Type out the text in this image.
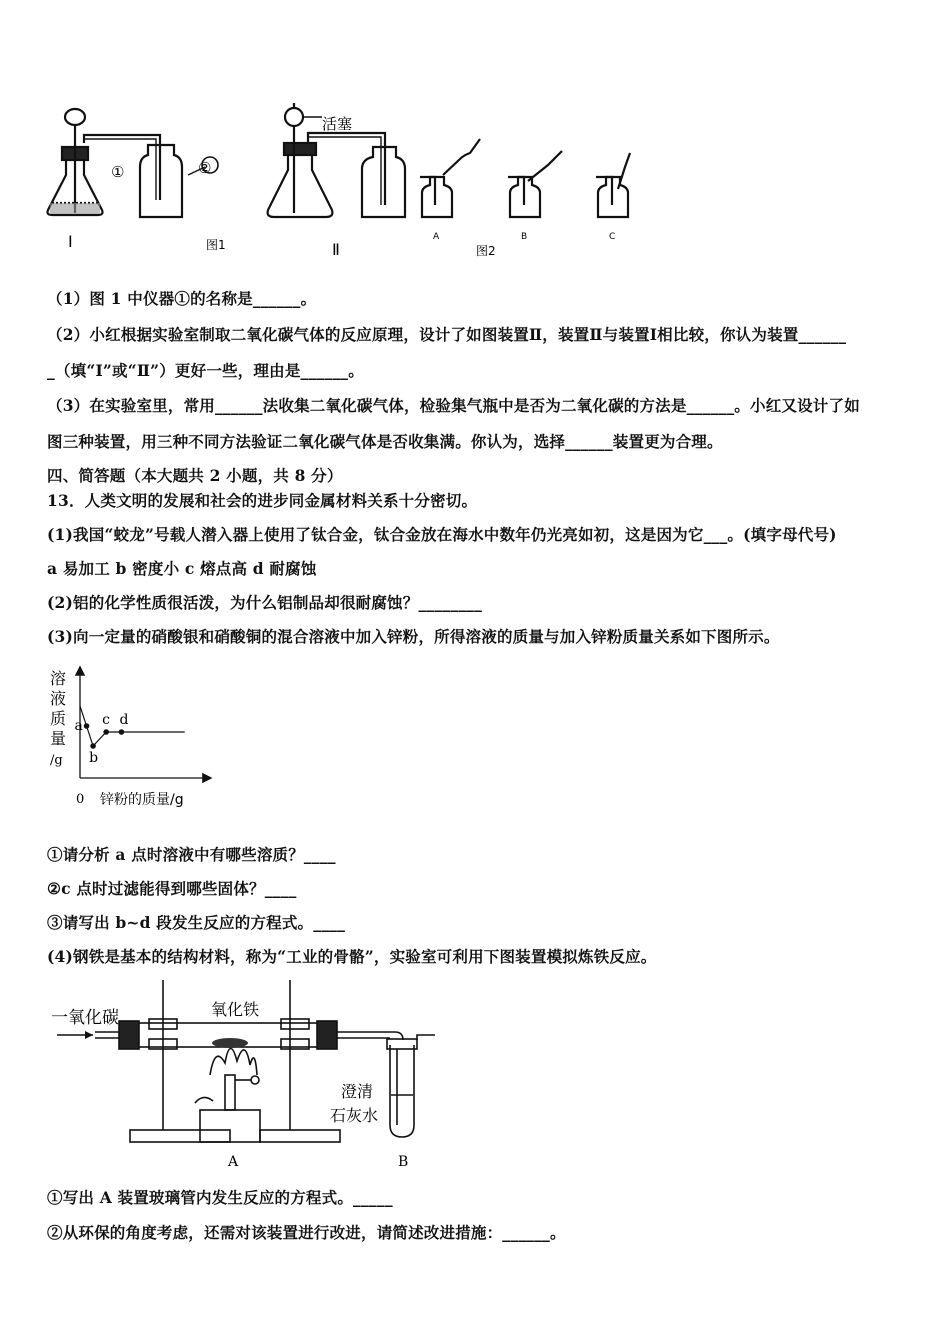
Ⅰ	图1	Ⅱ	图2
①	②
活塞
A	B	C
（1）图 1 中仪器①的名称是______。
（2）小红根据实验室制取二氧化碳气体的反应原理，设计了如图装置Ⅱ，装置Ⅱ与装置Ⅰ相比较，你认为装置______
_（填“Ⅰ”或“Ⅱ”）更好一些，理由是______。
（3）在实验室里，常用______法收集二氧化碳气体，检验集气瓶中是否为二氧化碳的方法是______。小红又设计了如
图三种装置，用三种不同方法验证二氧化碳气体是否收集满。你认为，选择______装置更为合理。
四、简答题（本大题共 2 小题，共 8 分）
13．人类文明的发展和社会的进步同金属材料关系十分密切。
(1)我国“蛟龙”号载人潜入器上使用了钛合金，钛合金放在海水中数年仍光亮如初，这是因为它___。(填字母代号)
a 易加工 b 密度小 c 熔点高 d 耐腐蚀
(2)铝的化学性质很活泼，为什么铝制品却很耐腐蚀？________
(3)向一定量的硝酸银和硝酸铜的混合溶液中加入锌粉，所得溶液的质量与加入锌粉质量关系如下图所示。
溶
液
质
量
/g
a
b
c d
0 锌粉的质量/g
①请分析 a 点时溶液中有哪些溶质？____
②c 点时过滤能得到哪些固体？____
③请写出 b~d 段发生反应的方程式。____
(4)钢铁是基本的结构材料，称为“工业的骨骼”，实验室可利用下图装置模拟炼铁反应。
一氧化碳	氧化铁
澄清
石灰水
A	B
①写出 A 装置玻璃管内发生反应的方程式。_____
②从环保的角度考虑，还需对该装置进行改进，请简述改进措施：______。
